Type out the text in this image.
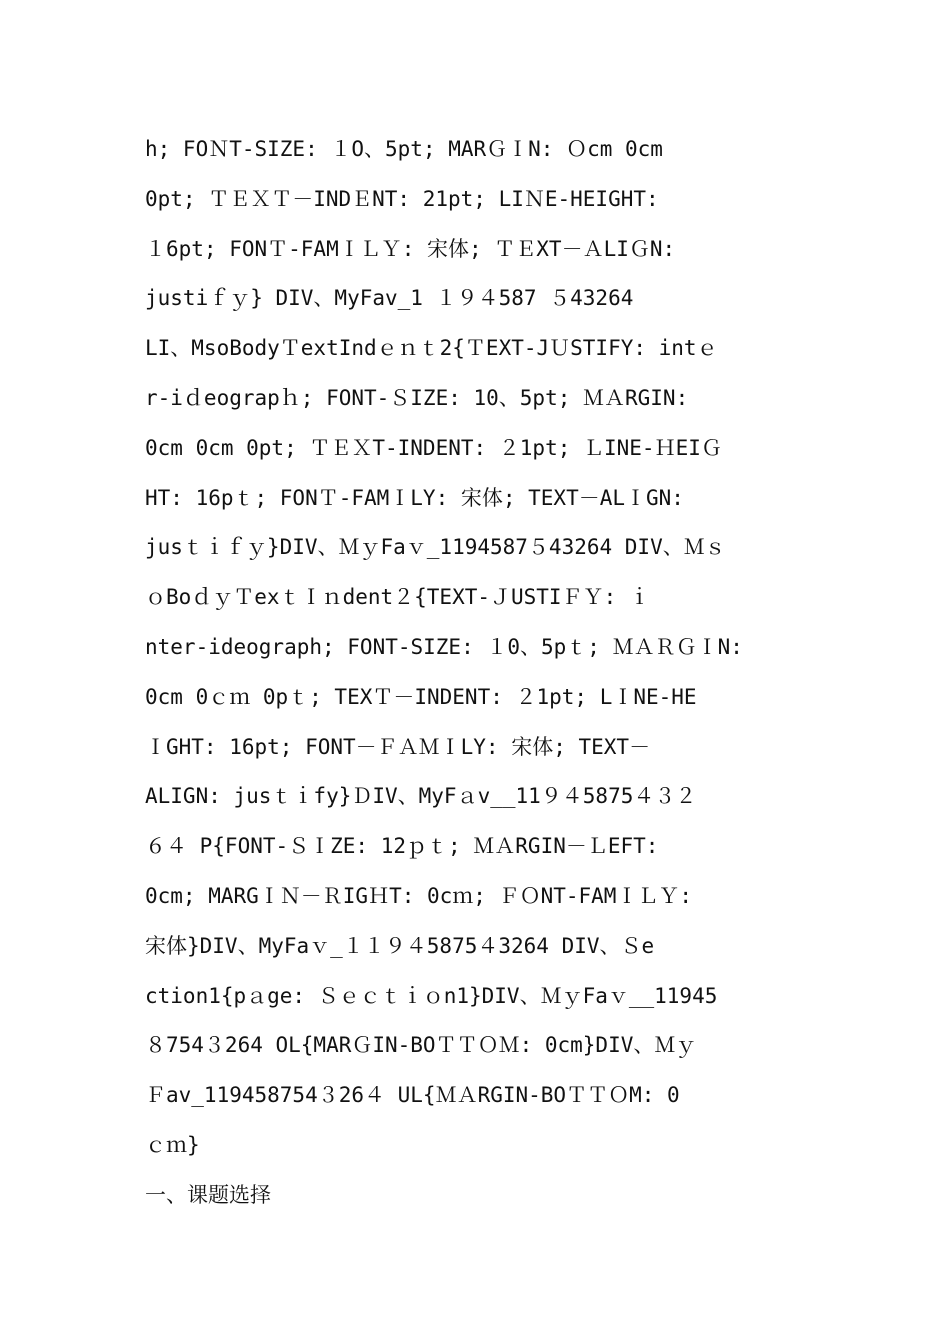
h; FOＮT-SIZE: １O、5pt; MARＧＩN: Ｏcm 0cm
0pt; ＴＥＸＴ－INDＥNT: 21pt; LIＮE-HEIGHT:
１6pt; FONＴ-FAMＩＬＹ: 宋体; ＴＥXT－ＡLIＧN:
justiｆｙ} DIV、MyFav_1 １９４587 ５43264
LI、MsoBodyＴextIndｅｎｔ2{ＴEXT-JＵSTIFY: intｅ
r-iｄeograpｈ; FONT-ＳIZE: 10、5pt; ＭＡRGIN:
0cm 0cm 0pt; ＴＥＸT-INDENT: ２1pt; ＬINE-ＨEIＧ
HT: 16pｔ; FONＴ-FAMＩLY: 宋体; TEXT－ALＩGN:
jusｔｉｆｙ}DIV、ＭｙFaｖ_1194587５43264 DIV、Ｍｓ
ｏBoｄｙＴexｔＩｎdent２{TEXT-ＪUSTIＦＹ: ｉ
nter-ideograph; FONT-SIZE: １0、5pｔ; ＭＡＲＧＩN:
0cm 0ｃｍ 0pｔ; TEXＴ－INDENT: ２1pt; LＩNE-HE
ＩGHT: 16pt; FONT－ＦＡＭＩLY: 宋体; TEXT－
ALIGN: jusｔｉfy}ＤIV、MyFａv__11９４5875４３２
６４ P{FONT-ＳＩZE: 12ｐｔ; ＭＡRGIN－ＬEFT:
0cm; MARGＩＮ－ＲIGＨT: 0cｍ; ＦＯNT-FAMＩＬＹ:
宋体}DIV、MyFaｖ_１１９４5875４3264 DIV、Ｓe
ction1{pａge: Ｓｅｃｔｉｏn1}DIV、ＭｙFaｖ__11945
８754３264 OL{MARＧIN-BOＴＴＯＭ: 0cm}DIV、Ｍｙ
Ｆav_119458754３26４ UL{ＭＡRGIN-BOＴＴＯM: 0
ｃｍ}
一、课题选择
